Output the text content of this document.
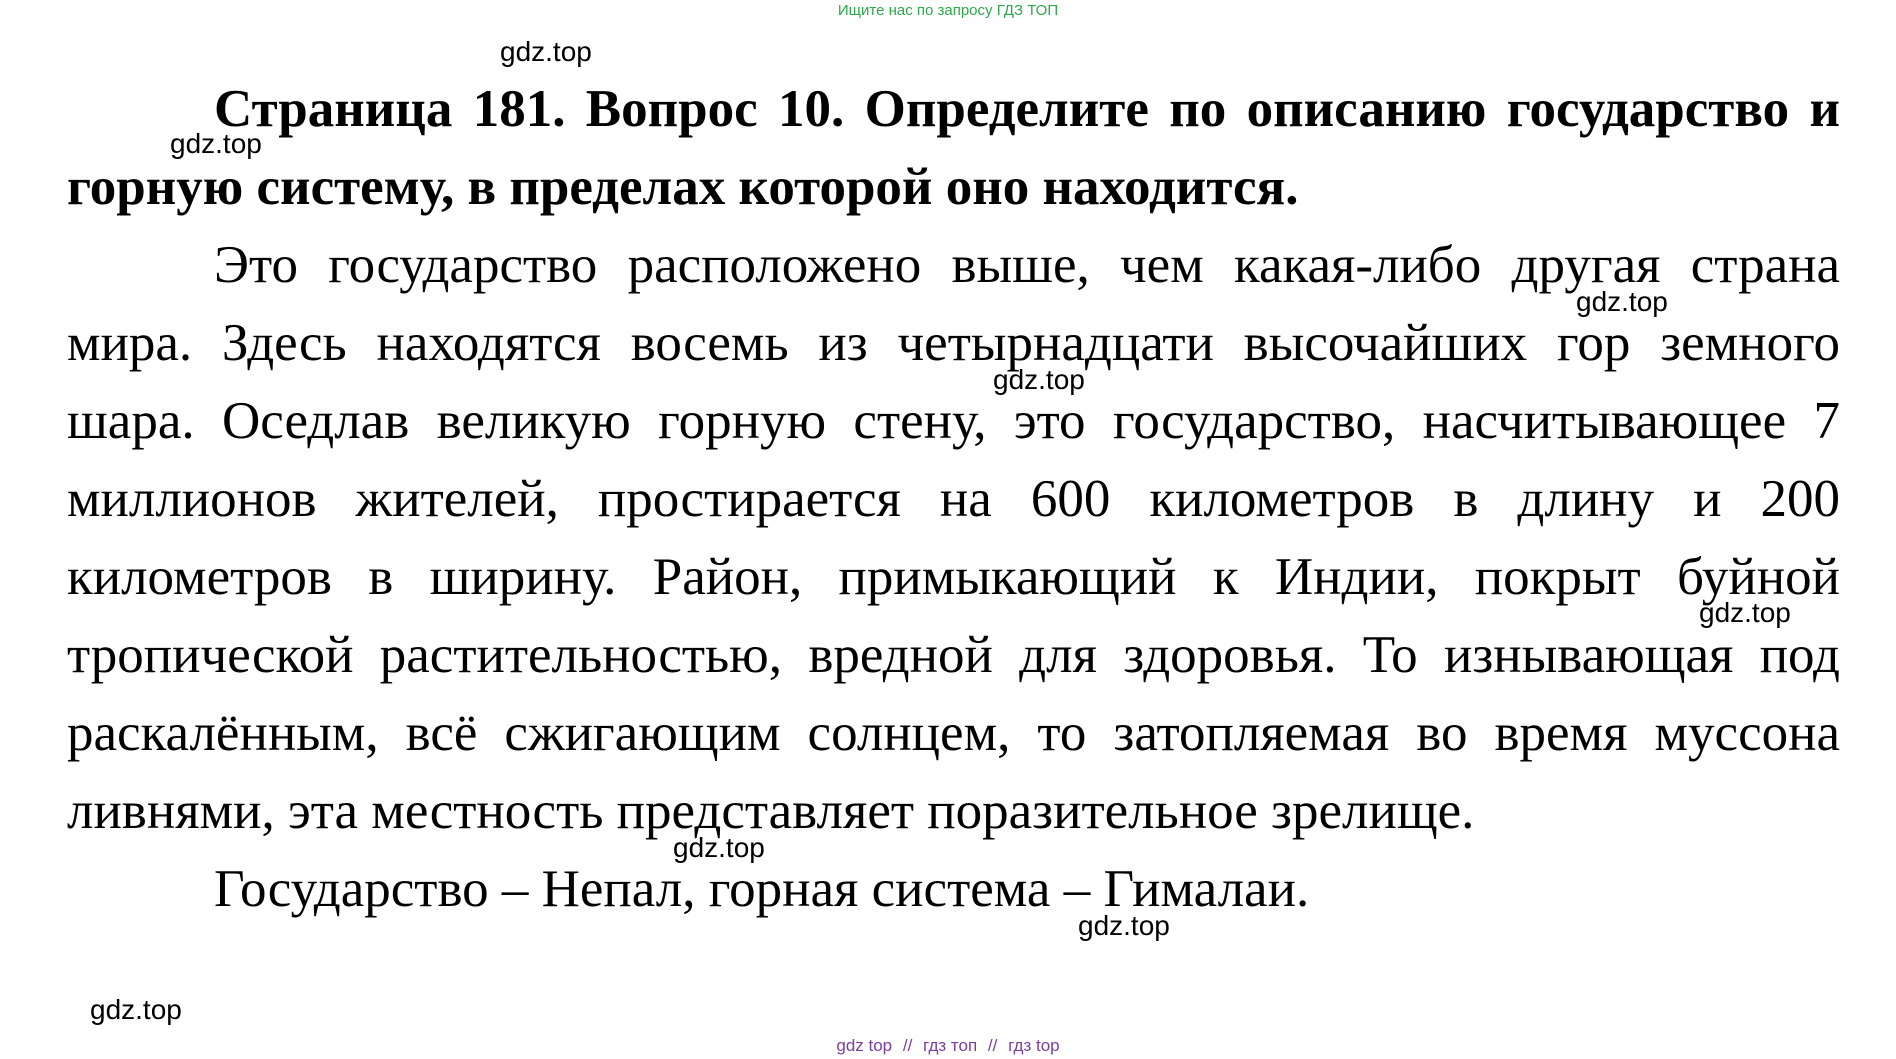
Ищите нас по запросу ГДЗ ТОП

Страница 181. Вопрос 10. Определите по описанию государство и горную систему, в пределах которой оно находится.

Это государство расположено выше, чем какая-либо другая страна мира. Здесь находятся восемь из четырнадцати высочайших гор земного шара. Оседлав великую горную стену, это государство, насчитывающее 7 миллионов жителей, простирается на 600 километров в длину и 200 километров в ширину. Район, примыкающий к Индии, покрыт буйной тропической растительностью, вредной для здоровья. То изнывающая под раскалённым, всё сжигающим солнцем, то затопляемая во время муссона ливнями, эта местность представляет поразительное зрелище.

Государство – Непал, горная система – Гималаи.

gdz.top
gdz.top
gdz.top
gdz.top
gdz.top
gdz.top
gdz.top
gdz.top
gdz top // гдз топ // гдз top
